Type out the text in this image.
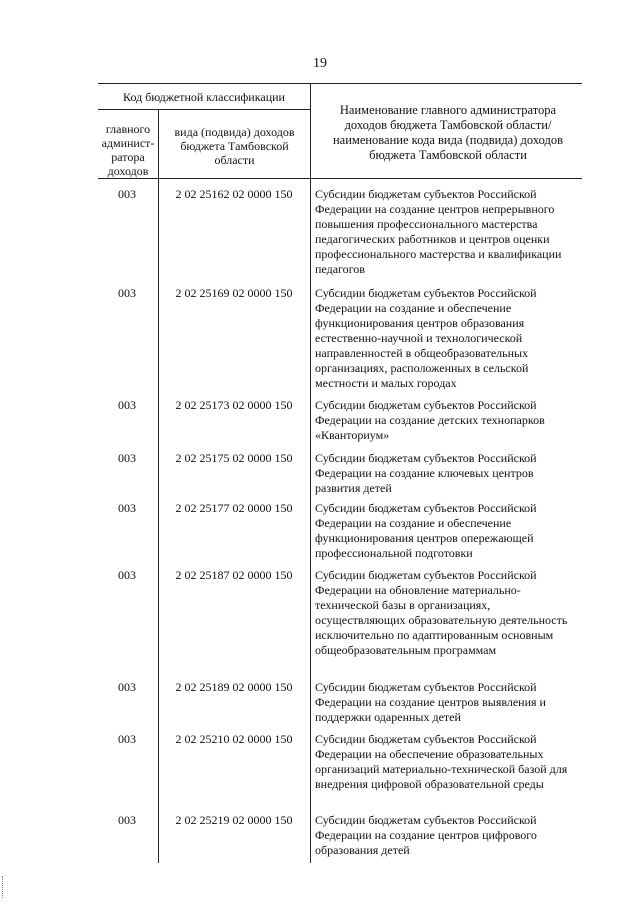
19
Код бюджетной классификации
главного админист-ратора доходов
вида (подвида) доходов бюджета Тамбовской области
Наименование главного администратора доходов бюджета Тамбовской области/наименование кода вида (подвида) доходов бюджета Тамбовской области
003	2 02 25162 02 0000 150	Субсидии бюджетам субъектов Российской Федерации на создание центров непрерывного повышения профессионального мастерства педагогических работников и центров оценки профессионального мастерства и квалификации педагогов
003	2 02 25169 02 0000 150	Субсидии бюджетам субъектов Российской Федерации на создание и обеспечение функционирования центров образования естественно-научной и технологической направленностей в общеобразовательных организациях, расположенных в сельской местности и малых городах
003	2 02 25173 02 0000 150	Субсидии бюджетам субъектов Российской Федерации на создание детских технопарков «Кванториум»
003	2 02 25175 02 0000 150	Субсидии бюджетам субъектов Российской Федерации на создание ключевых центров развития детей
003	2 02 25177 02 0000 150	Субсидии бюджетам субъектов Российской Федерации на создание и обеспечение функционирования центров опережающей профессиональной подготовки
003	2 02 25187 02 0000 150	Субсидии бюджетам субъектов Российской Федерации на обновление материально-технической базы в организациях, осуществляющих образовательную деятельность исключительно по адаптированным основным общеобразовательным программам
003	2 02 25189 02 0000 150	Субсидии бюджетам субъектов Российской Федерации на создание центров выявления и поддержки одаренных детей
003	2 02 25210 02 0000 150	Субсидии бюджетам субъектов Российской Федерации на обеспечение образовательных организаций материально-технической базой для внедрения цифровой образовательной среды
003	2 02 25219 02 0000 150	Субсидии бюджетам субъектов Российской Федерации на создание центров цифрового образования детей
